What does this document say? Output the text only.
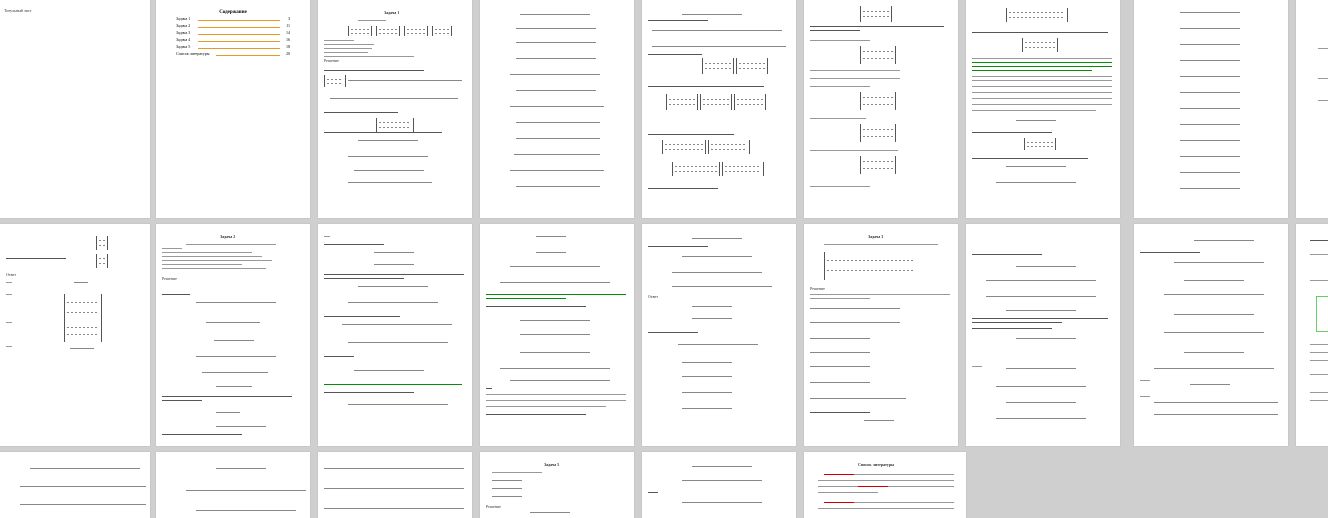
Титульный лист	Содержание
Задача 1	3
Задача 2	11
Задача 3	14
Задача 4	16
Задача 5	18
Список литературы	20
Задача 1
Решение
Ответ
Задача 2
Решение
Ответ
Задача 3
Решение
Задача 5
Решение
Список литературы
